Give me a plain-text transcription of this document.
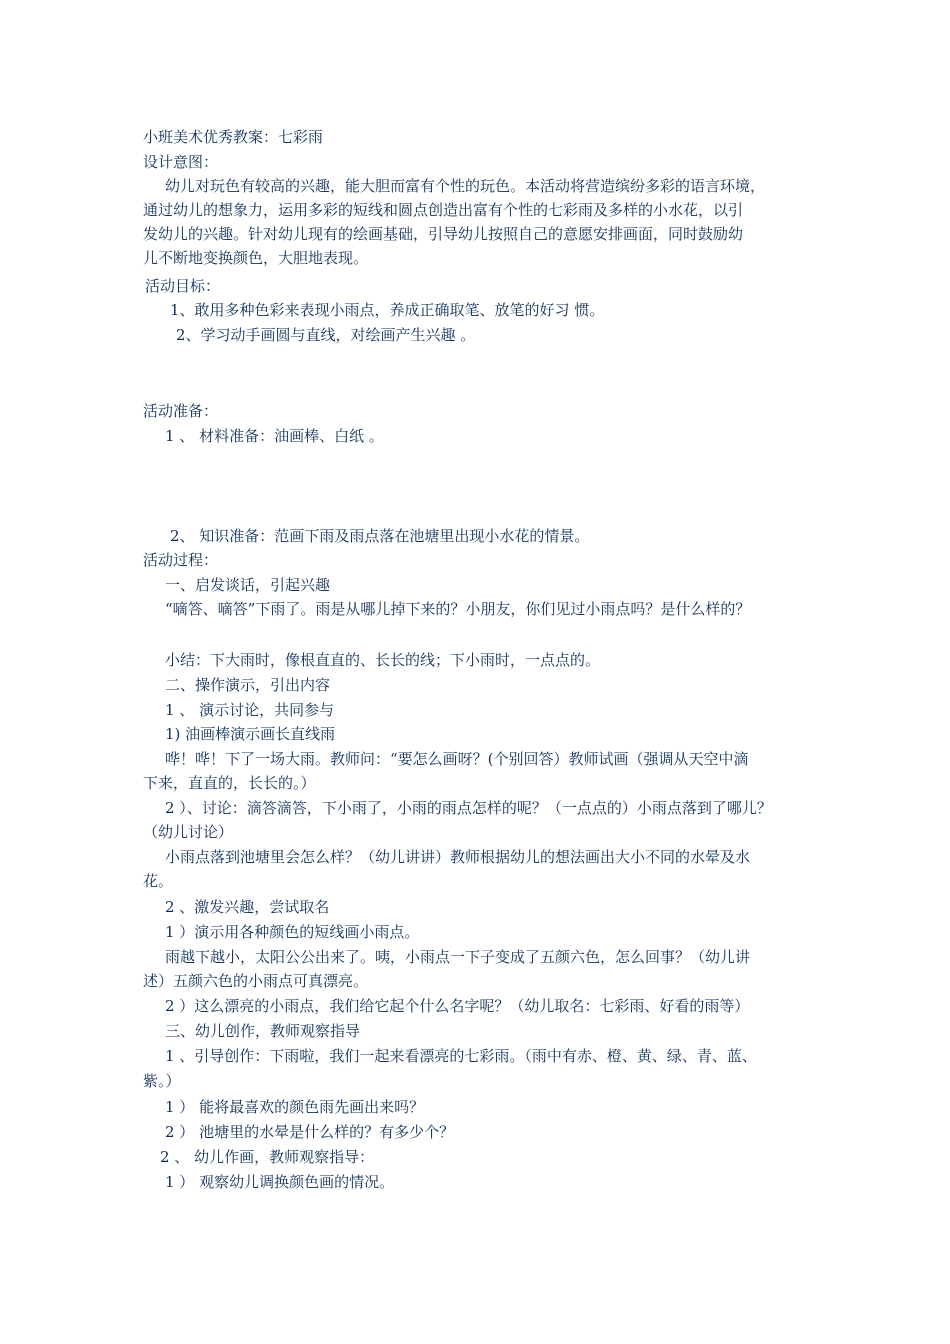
小班美术优秀教案：七彩雨

设计意图：

幼儿对玩色有较高的兴趣，能大胆而富有个性的玩色。本活动将营造缤纷多彩的语言环境，

通过幼儿的想象力，运用多彩的短线和圆点创造出富有个性的七彩雨及多样的小水花，以引

发幼儿的兴趣。针对幼儿现有的绘画基础，引导幼儿按照自己的意愿安排画面，同时鼓励幼

儿不断地变换颜色，大胆地表现。

活动目标：

1、敢用多种色彩来表现小雨点，养成正确取笔、放笔的好习 惯。

2、学习动手画圆与直线，对绘画产生兴趣 。

活动准备：

1 、 材料准备：油画棒、白纸 。

2、 知识准备：范画下雨及雨点落在池塘里出现小水花的情景。

活动过程：

一、启发谈话，引起兴趣

“嘀答、嘀答”下雨了。雨是从哪儿掉下来的？小朋友，你们见过小雨点吗？是什么样的？

小结：下大雨时，像根直直的、长长的线；下小雨时，一点点的。

二、操作演示，引出内容

1 、 演示讨论，共同参与

1) 油画棒演示画长直线雨

哗！哗！下了一场大雨。教师问：“要怎么画呀？(个别回答）教师试画（强调从天空中滴

下来，直直的，长长的。）

2 ）、讨论：滴答滴答，下小雨了，小雨的雨点怎样的呢？（一点点的）小雨点落到了哪儿？

（幼儿讨论）

小雨点落到池塘里会怎么样？（幼儿讲讲）教师根据幼儿的想法画出大小不同的水晕及水

花。

2 、激发兴趣，尝试取名

1 ）演示用各种颜色的短线画小雨点。

雨越下越小，太阳公公出来了。咦，小雨点一下子变成了五颜六色，怎么回事？（幼儿讲

述）五颜六色的小雨点可真漂亮。

2 ）这么漂亮的小雨点，我们给它起个什么名字呢？（幼儿取名：七彩雨、好看的雨等）

三、幼儿创作，教师观察指导

1 、引导创作：下雨啦，我们一起来看漂亮的七彩雨。（雨中有赤、橙、黄、绿、青、蓝、

紫。）

1 ） 能将最喜欢的颜色雨先画出来吗？

2 ） 池塘里的水晕是什么样的？有多少个？

2 、 幼儿作画，教师观察指导：

1 ） 观察幼儿调换颜色画的情况。
